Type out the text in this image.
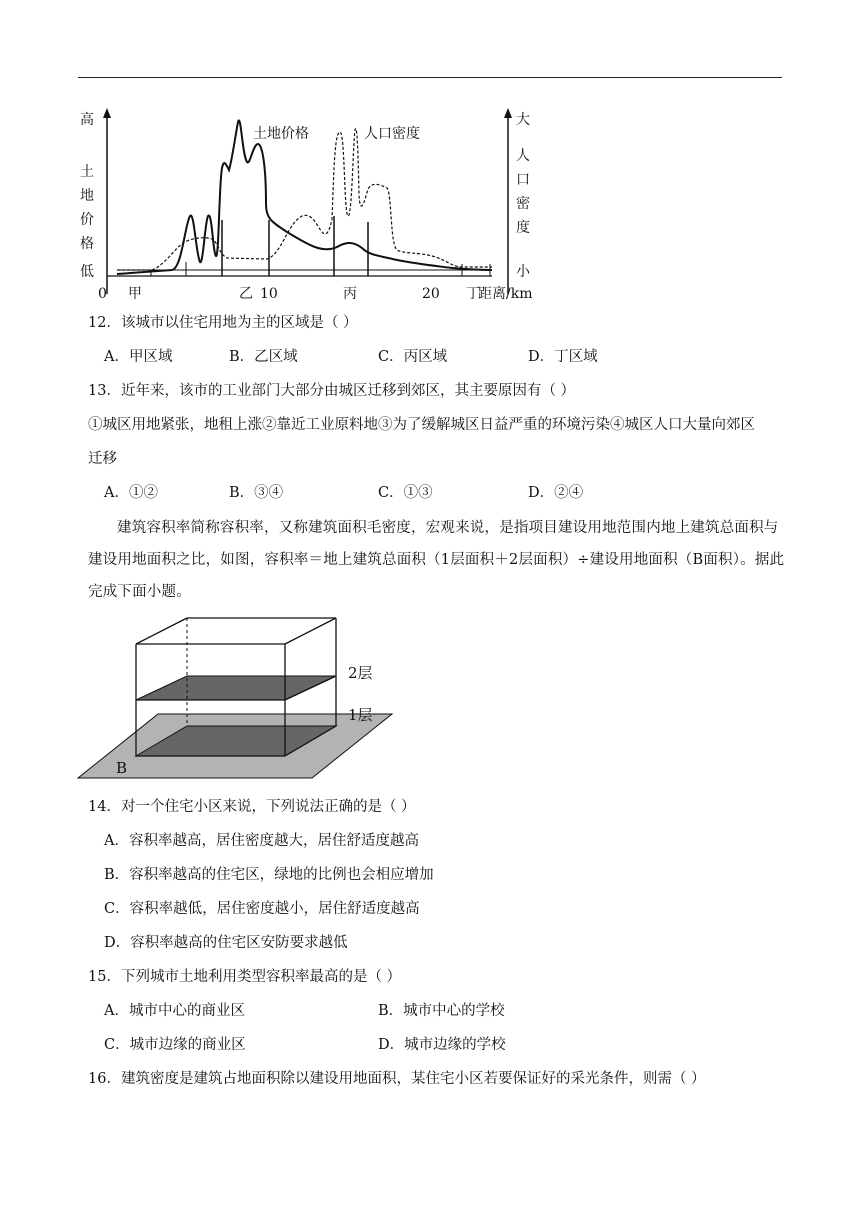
高
土
地
价
格
低
大
人
口
密
度
小
0	10	20	距离/km
甲	乙	丙	丁
土地价格	人口密度
12．该城市以住宅用地为主的区域是（ ）
A．甲区域	B．乙区域	C．丙区域	D．丁区域
13．近年来，该市的工业部门大部分由城区迁移到郊区，其主要原因有（ ）
①城区用地紧张，地租上涨②靠近工业原料地③为了缓解城区日益严重的环境污染④城区人口大量向郊区
迁移
A．①②	B．③④	C．①③	D．②④
建筑容积率简称容积率，又称建筑面积毛密度，宏观来说，是指项目建设用地范围内地上建筑总面积与建设用地面积之比，如图，容积率＝地上建筑总面积（1层面积＋2层面积）÷建设用地面积（B面积）。据此完成下面小题。
2层
1层
B
14．对一个住宅小区来说，下列说法正确的是（ ）
A．容积率越高，居住密度越大，居住舒适度越高
B．容积率越高的住宅区，绿地的比例也会相应增加
C．容积率越低，居住密度越小，居住舒适度越高
D．容积率越高的住宅区安防要求越低
15．下列城市土地利用类型容积率最高的是（ ）
A．城市中心的商业区	B．城市中心的学校
C．城市边缘的商业区	D．城市边缘的学校
16．建筑密度是建筑占地面积除以建设用地面积，某住宅小区若要保证好的采光条件，则需（ ）
